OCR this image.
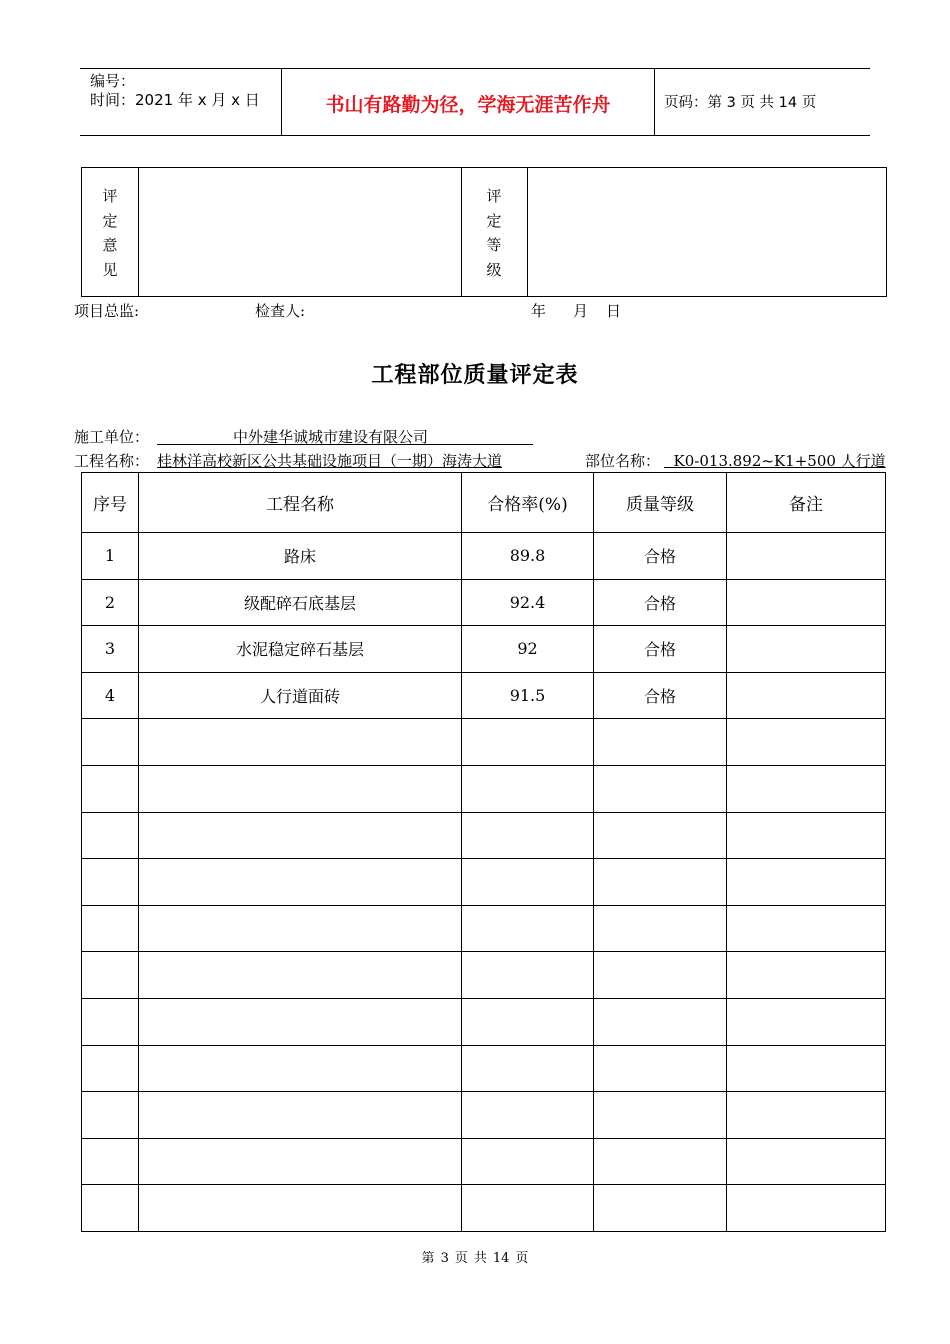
编号：
时间：2021 年 x 月 x 日	书山有路勤为径，学海无涯苦作舟	页码：第 3 页 共 14 页
评
定
意
见
评
定
等
级
项目总监:	检查人:	年 月 日
工程部位质量评定表
施工单位：	中外建华诚城市建设有限公司
工程名称： 桂林洋高校新区公共基础设施项目（一期）海涛大道	部位名称： K0-013.892~K1+500 人行道
序号	工程名称	合格率(%)	质量等级	备注
1	路床	89.8	合格	
2	级配碎石底基层	92.4	合格	
3	水泥稳定碎石基层	92	合格	
4	人行道面砖	91.5	合格	

第 3 页 共 14 页
